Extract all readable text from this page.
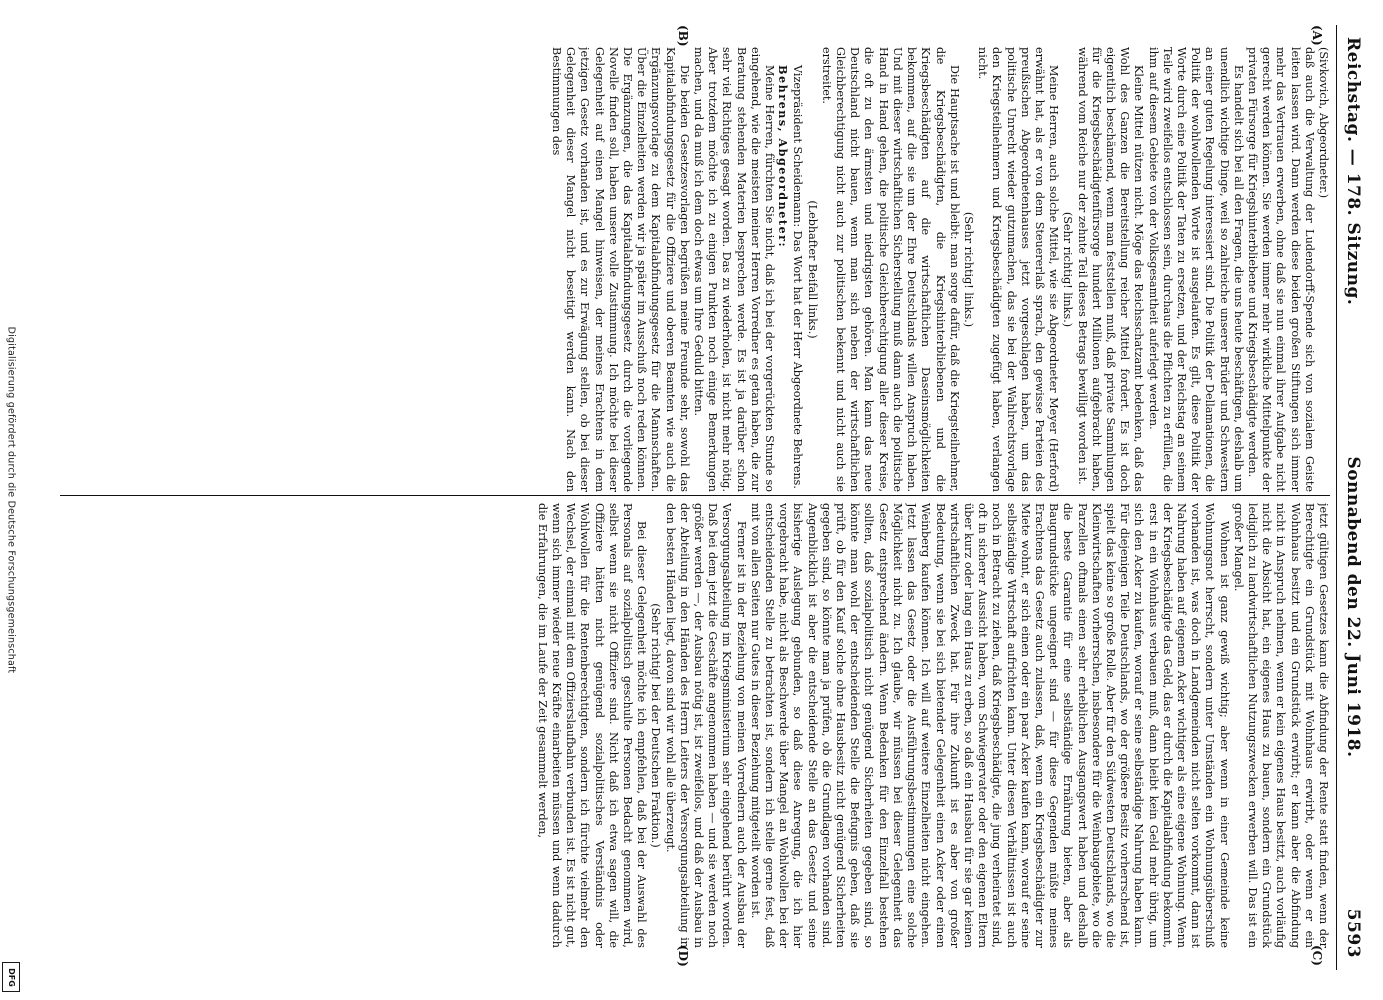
Digitalisierung gefördert durch die Deutsche Forschungsgemeinschaft
DFG
Reichstag. — 178. Sitzung.
Sonnabend den 22. Juni 1918.
5593
(A)
(B)
(C)
(D)

(Sivkovich, Abgeordneter.)

daß auch die Verwaltung der Ludendorff-Spende sich von sozialem Geiste leiten lassen wird. Dann werden diese beiden großen Stiftungen sich immer mehr das Vertrauen erwerben, ohne daß sie nun einmal ihrer Aufgabe nicht gerecht werden können. Sie werden immer mehr wirkliche Mittelpunkte der privaten Fürsorge für Kriegshinterbliebene und Kriegsbeschädigte werden.

Es handelt sich bei all den Fragen, die uns heute beschäftigen, deshalb um unendlich wichtige Dinge, weil so zahlreiche unserer Brüder und Schwestern an einer guten Regelung interessiert sind. Die Politik der Dellamationen, die Politik der wohlwollenden Worte ist ausgelaufen. Es gilt, diese Politik der Worte durch eine Politik der Taten zu ersetzen, und der Reichstag an seinem Teile wird zweifellos entschlossen sein, durchaus die Pflichten zu erfüllen, die ihm auf diesem Gebiete von der Volksgesamtheit auferlegt werden.

Kleine Mittel nützen nicht. Möge das Reichsschatzamt bedenken, daß das Wohl des Ganzen die Bereitstellung reicher Mittel fordert. Es ist doch eigentlich beschämend, wenn man feststellen muß, daß private Sammlungen für die Kriegsbeschädigtenfürsorge hundert Millionen aufgebracht haben, während vom Reiche nur der zehnte Teil dieses Betrags bewilligt worden ist.

(Sehr richtig! links.)

Meine Herren, auch solche Mittel, wie sie Abgeordneter Meyer (Herford) erwähnt hat, als er von dem Steuererlaß sprach, den gewisse Parteien des preußischen Abgeordnetenhauses jetzt vorgeschlagen haben, um das politische Unrecht wieder gutzumachen, das sie bei der Wahlrechtsvorlage den Kriegsteilnehmern und Kriegsbeschädigten zugefügt haben, verlangen nicht.

(Sehr richtig! links.)

Die Hauptsache ist und bleibt: man sorge dafür, daß die Kriegsteilnehmer, die Kriegsbeschädigten, die Kriegshinterbliebenen und die Kriegsbeschädigten auf die wirtschaftlichen Daseinsmöglichkeiten bekommen, auf die sie um der Ehre Deutschlands willen Anspruch haben. Und mit dieser wirtschaftlichen Sicherstellung muß dann auch die politische Hand in Hand gehen, die politische Gleichberechtigung aller dieser Kreise, die oft zu den ärmsten und niedrigsten gehören. Man kann das neue Deutschland nicht bauen, wenn man sich neben der wirtschaftlichen Gleichberechtigung nicht auch zur politischen bekennt und nicht auch sie erstreitet.

(Lebhafter Beifall links.)

Vizepräsident Scheidemann: Das Wort hat der Herr Abgeordnete Behrens.

Behrens, Abgeordneter:

Meine Herren, fürchten Sie nicht, daß ich bei der vorgerückten Stunde so eingehend, wie die meisten meiner Herren Vorredner es getan haben, die zur Beratung stehenden Materien besprechen werde. Es ist ja darüber schon sehr viel Richtiges gesagt worden. Das zu wiederholen, ist nicht mehr nötig. Aber trotzdem möchte ich zu einigen Punkten noch einige Bemerkungen machen, und da muß ich dem doch etwas um Ihre Geduld bitten.

Die beiden Gesetzesvorlagen begrüßen meine Freunde sehr, sowohl das Kapitalabfindungsgesetz für die Offiziere und oberen Beamten wie auch die Ergänzungsvorlage zu dem Kapitalabfindungsgesetz für die Mannschaften. Über die Einzelheiten werden wir ja später im Ausschuß noch reden können. Die Ergänzungen, die das Kapitalabfindungsgesetz durch die vorliegende Novelle finden soll, haben unsere volle Zustimmung. Ich möchte bei dieser Gelegenheit auf einen Mangel hinweisen, der meines Erachtens in dem jetzigen Gesetz vorhanden ist, und es zur Erwägung stellen, ob bei dieser Gelegenheit dieser Mangel nicht beseitigt werden kann. Nach den Bestimmungen des

jetzt gültigen Gesetzes kann die Abfindung der Rente statt finden, wenn der Berechtigte ein Grundstück mit Wohnhaus erwirbt, oder wenn er ein Wohnhaus besitzt und ein Grundstück erwirbt; er kann aber die Abfindung nicht in Anspruch nehmen, wenn er kein eigenes Haus besitzt, auch vorläufig nicht die Absicht hat, ein eigenes Haus zu bauen, sondern ein Grundstück lediglich zu landwirtschaftlichen Nutzungszwecken erwerben will. Das ist ein großer Mangel.

Wohnen ist ganz gewiß wichtig; aber wenn in einer Gemeinde keine Wohnungsnot herrscht, sondern unter Umständen ein Wohnungsüberschuß vorhanden ist, was doch in Landgemeinden nicht selten vorkommt, dann ist Nahrung haben auf eigenem Acker wichtiger als eine eigene Wohnung. Wenn der Kriegsbeschädigte das Geld, das er durch die Kapitalabfindung bekommt, erst in ein Wohnhaus verbauen muß, dann bleibt kein Geld mehr übrig, um sich den Acker zu kaufen, worauf er seine selbständige Nahrung haben kann. Für diejenigen Teile Deutschlands, wo der größere Besitz vorherrschend ist, spielt das keine so große Rolle. Aber für den Südwesten Deutschlands, wo die Kleinwirtschaften vorherrschen, insbesondere für die Weinbaugebiete, wo die Parzellen oftmals einen sehr erheblichen Ausgangswert haben und deshalb die beste Garantie für eine selbständige Ernährung bieten, aber als Baugrundstücke ungeeignet sind — für diese Gegenden müßte meines Erachtens das Gesetz auch zulassen, daß, wenn ein Kriegsbeschädigter zur Miete wohnt, er sich einen oder ein paar Acker kaufen kann, worauf er seine selbständige Wirtschaft aufrichten kann. Unter diesen Verhältnissen ist auch noch in Betracht zu ziehen, daß Kriegsbeschädigte, die jung verheiratet sind, oft in sicherer Aussicht haben, vom Schwiegervater oder den eigenen Eltern über kurz oder lang ein Haus zu erben, so daß ein Hausbau für sie gar keinen wirtschaftlichen Zweck hat. Für ihre Zukunft ist es aber von großer Bedeutung, wenn sie bei sich bietender Gelegenheit einen Acker oder einen Weinberg kaufen können. Ich will auf weitere Einzelheiten nicht eingehen. Jetzt lassen das Gesetz oder die Ausführungsbestimmungen eine solche Möglichkeit nicht zu. Ich glaube, wir müssen bei dieser Gelegenheit das Gesetz entsprechend ändern. Wenn Bedenken für den Einzelfall bestehen sollten, daß sozialpolitisch nicht genügend Sicherheiten gegeben sind, so könnte man wohl der entscheidenden Stelle die Befugnis geben, daß sie prüft, ob für den Kauf solche ohne Hausbesitz nicht genügend Sicherheiten gegeben sind, so könnte man ja prüfen, ob die Grundlagen vorhanden sind. Angenblicklich ist aber die entscheidende Stelle an das Gesetz und seine bisherige Auslegung gebunden, so daß diese Anregung, die ich hier vorgebracht habe, nicht als Beschwerde über Mangel an Wohlwollen bei der entscheidenden Stelle zu betrachten ist, sondern ich stelle gerne fest, daß mit von allen Seiten nur Gutes in dieser Beziehung mitgeteilt worden ist.

Ferner ist in der Beziehung von meinen Vorrednern auch der Ausbau der Versorgungsabteilung im Kriegsministerium sehr eingehend berührt worden. Daß bei dem jetzt die Geschäfte angenommen haben — und sie werden noch größer werden —, der Ausbau nötig ist, ist zweifellos, und daß der Ausbau in der Abteilung in den Händen des Herrn Leiters der Versorgungsabteilung in den besten Händen liegt, davon sind wir wohl alle überzeugt.

(Sehr richtig! bei der Deutschen Fraktion.)

Bei dieser Gelegenheit möchte ich empfehlen, daß bei der Auswahl des Personals auf sozialpolitisch geschulte Personen Bedacht genommen wird, selbst wenn sie nicht Offiziere sind. Nicht daß ich etwa sagen will, die Offiziere hätten nicht genügend sozialpolitisches Verständnis oder Wohlwollen für die Rentenberechtigten, sondern ich fürchte vielmehr den Wechsel, der einmal mit dem Offizierslaufbahn verbunden ist. Es ist nicht gut, wenn sich immer wieder neue Kräfte einarbeiten müssen und wenn dadurch die Erfahrungen, die im Laufe der Zeit gesammelt werden,
